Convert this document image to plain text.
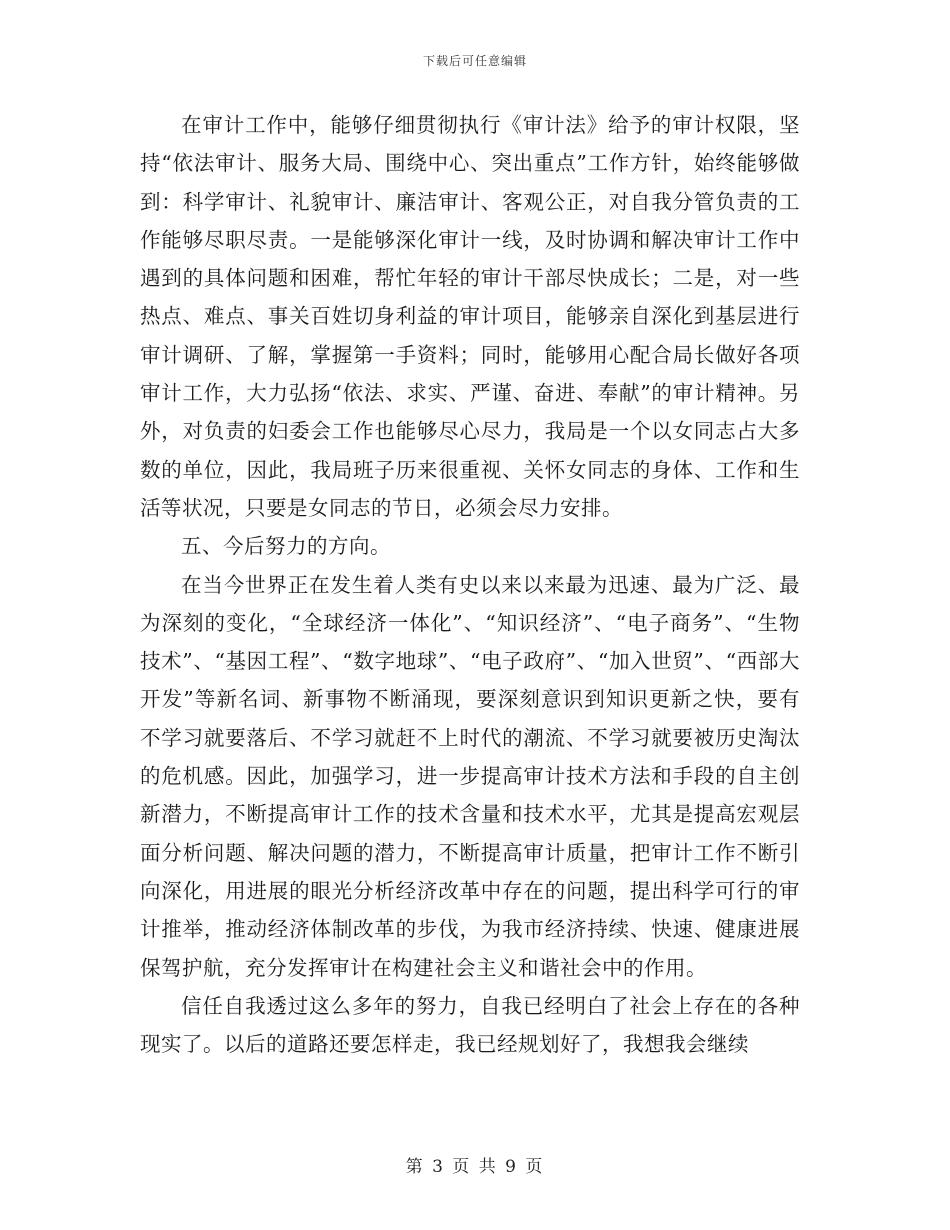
下载后可任意编辑

在审计工作中，能够仔细贯彻执行《审计法》给予的审计权限，坚持“依法审计、服务大局、围绕中心、突出重点”工作方针，始终能够做到：科学审计、礼貌审计、廉洁审计、客观公正，对自我分管负责的工作能够尽职尽责。一是能够深化审计一线，及时协调和解决审计工作中遇到的具体问题和困难，帮忙年轻的审计干部尽快成长；二是，对一些热点、难点、事关百姓切身利益的审计项目，能够亲自深化到基层进行审计调研、了解，掌握第一手资料；同时，能够用心配合局长做好各项审计工作，大力弘扬“依法、求实、严谨、奋进、奉献”的审计精神。另外，对负责的妇委会工作也能够尽心尽力，我局是一个以女同志占大多数的单位，因此，我局班子历来很重视、关怀女同志的身体、工作和生活等状况，只要是女同志的节日，必须会尽力安排。

五、今后努力的方向。

在当今世界正在发生着人类有史以来以来最为迅速、最为广泛、最为深刻的变化，“全球经济一体化”、“知识经济”、“电子商务”、“生物技术”、“基因工程”、“数字地球”、“电子政府”、“加入世贸”、“西部大开发”等新名词、新事物不断涌现，要深刻意识到知识更新之快，要有不学习就要落后、不学习就赶不上时代的潮流、不学习就要被历史淘汰的危机感。因此，加强学习，进一步提高审计技术方法和手段的自主创新潜力，不断提高审计工作的技术含量和技术水平，尤其是提高宏观层面分析问题、解决问题的潜力，不断提高审计质量，把审计工作不断引向深化，用进展的眼光分析经济改革中存在的问题，提出科学可行的审计推举，推动经济体制改革的步伐，为我市经济持续、快速、健康进展保驾护航，充分发挥审计在构建社会主义和谐社会中的作用。

信任自我透过这么多年的努力，自我已经明白了社会上存在的各种现实了。以后的道路还要怎样走，我已经规划好了，我想我会继续

第 3 页 共 9 页
